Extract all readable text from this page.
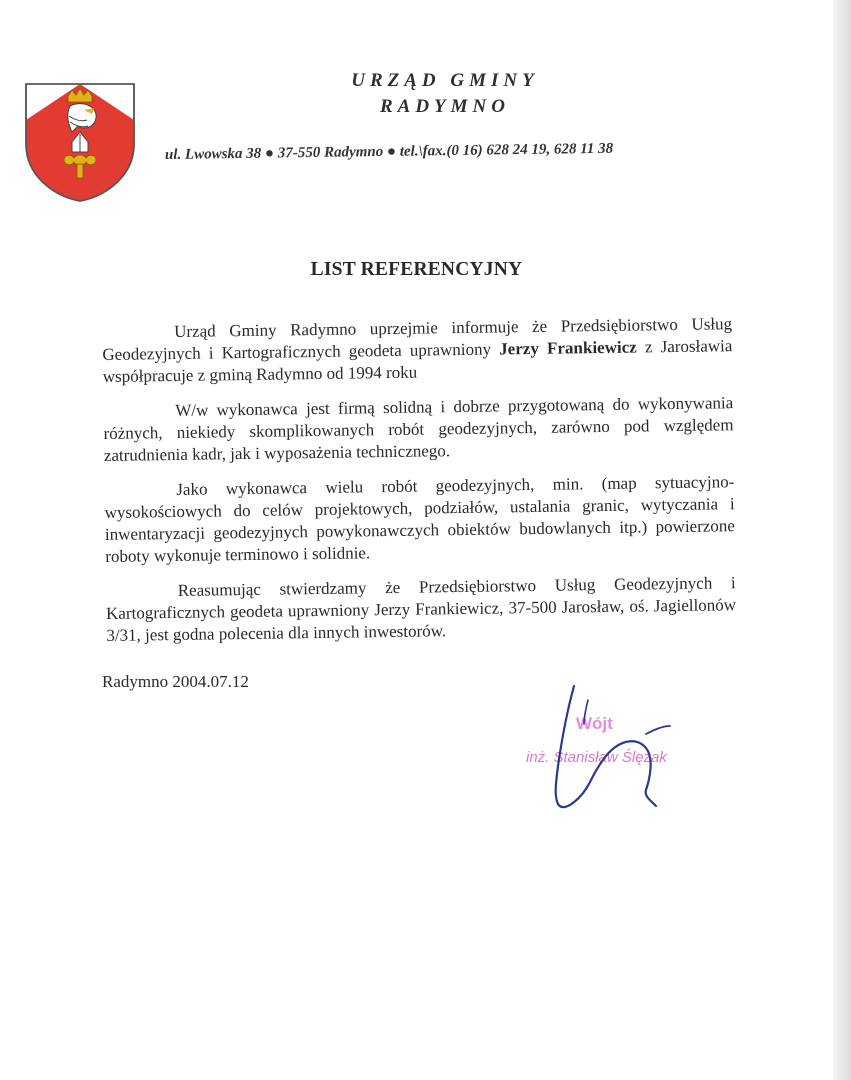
URZĄD GMINY
RADYMNO
ul. Lwowska 38 ● 37-550 Radymno ● tel.\fax.(0 16) 628 24 19, 628 11 38
LIST REFERENCYJNY

Urząd Gminy Radymno uprzejmie informuje że Przedsiębiorstwo Usług Geodezyjnych i Kartograficznych geodeta uprawniony Jerzy Frankiewicz z Jarosławia współpracuje z gminą Radymno od 1994 roku

W/w wykonawca jest firmą solidną i dobrze przygotowaną do wykonywania różnych, niekiedy skomplikowanych robót geodezyjnych, zarówno pod względem zatrudnienia kadr, jak i wyposażenia technicznego.

Jako wykonawca wielu robót geodezyjnych, min. (map sytuacyjno-wysokościowych do celów projektowych, podziałów, ustalania granic, wytyczania i inwentaryzacji geodezyjnych powykonawczych obiektów budowlanych itp.) powierzone roboty wykonuje terminowo i solidnie.

Reasumując stwierdzamy że Przedsiębiorstwo Usług Geodezyjnych i Kartograficznych geodeta uprawniony Jerzy Frankiewicz, 37-500 Jarosław, oś. Jagiellonów 3/31, jest godna polecenia dla innych inwestorów.

Radymno 2004.07.12
Wójt
inż. Stanisław Ślęzak
